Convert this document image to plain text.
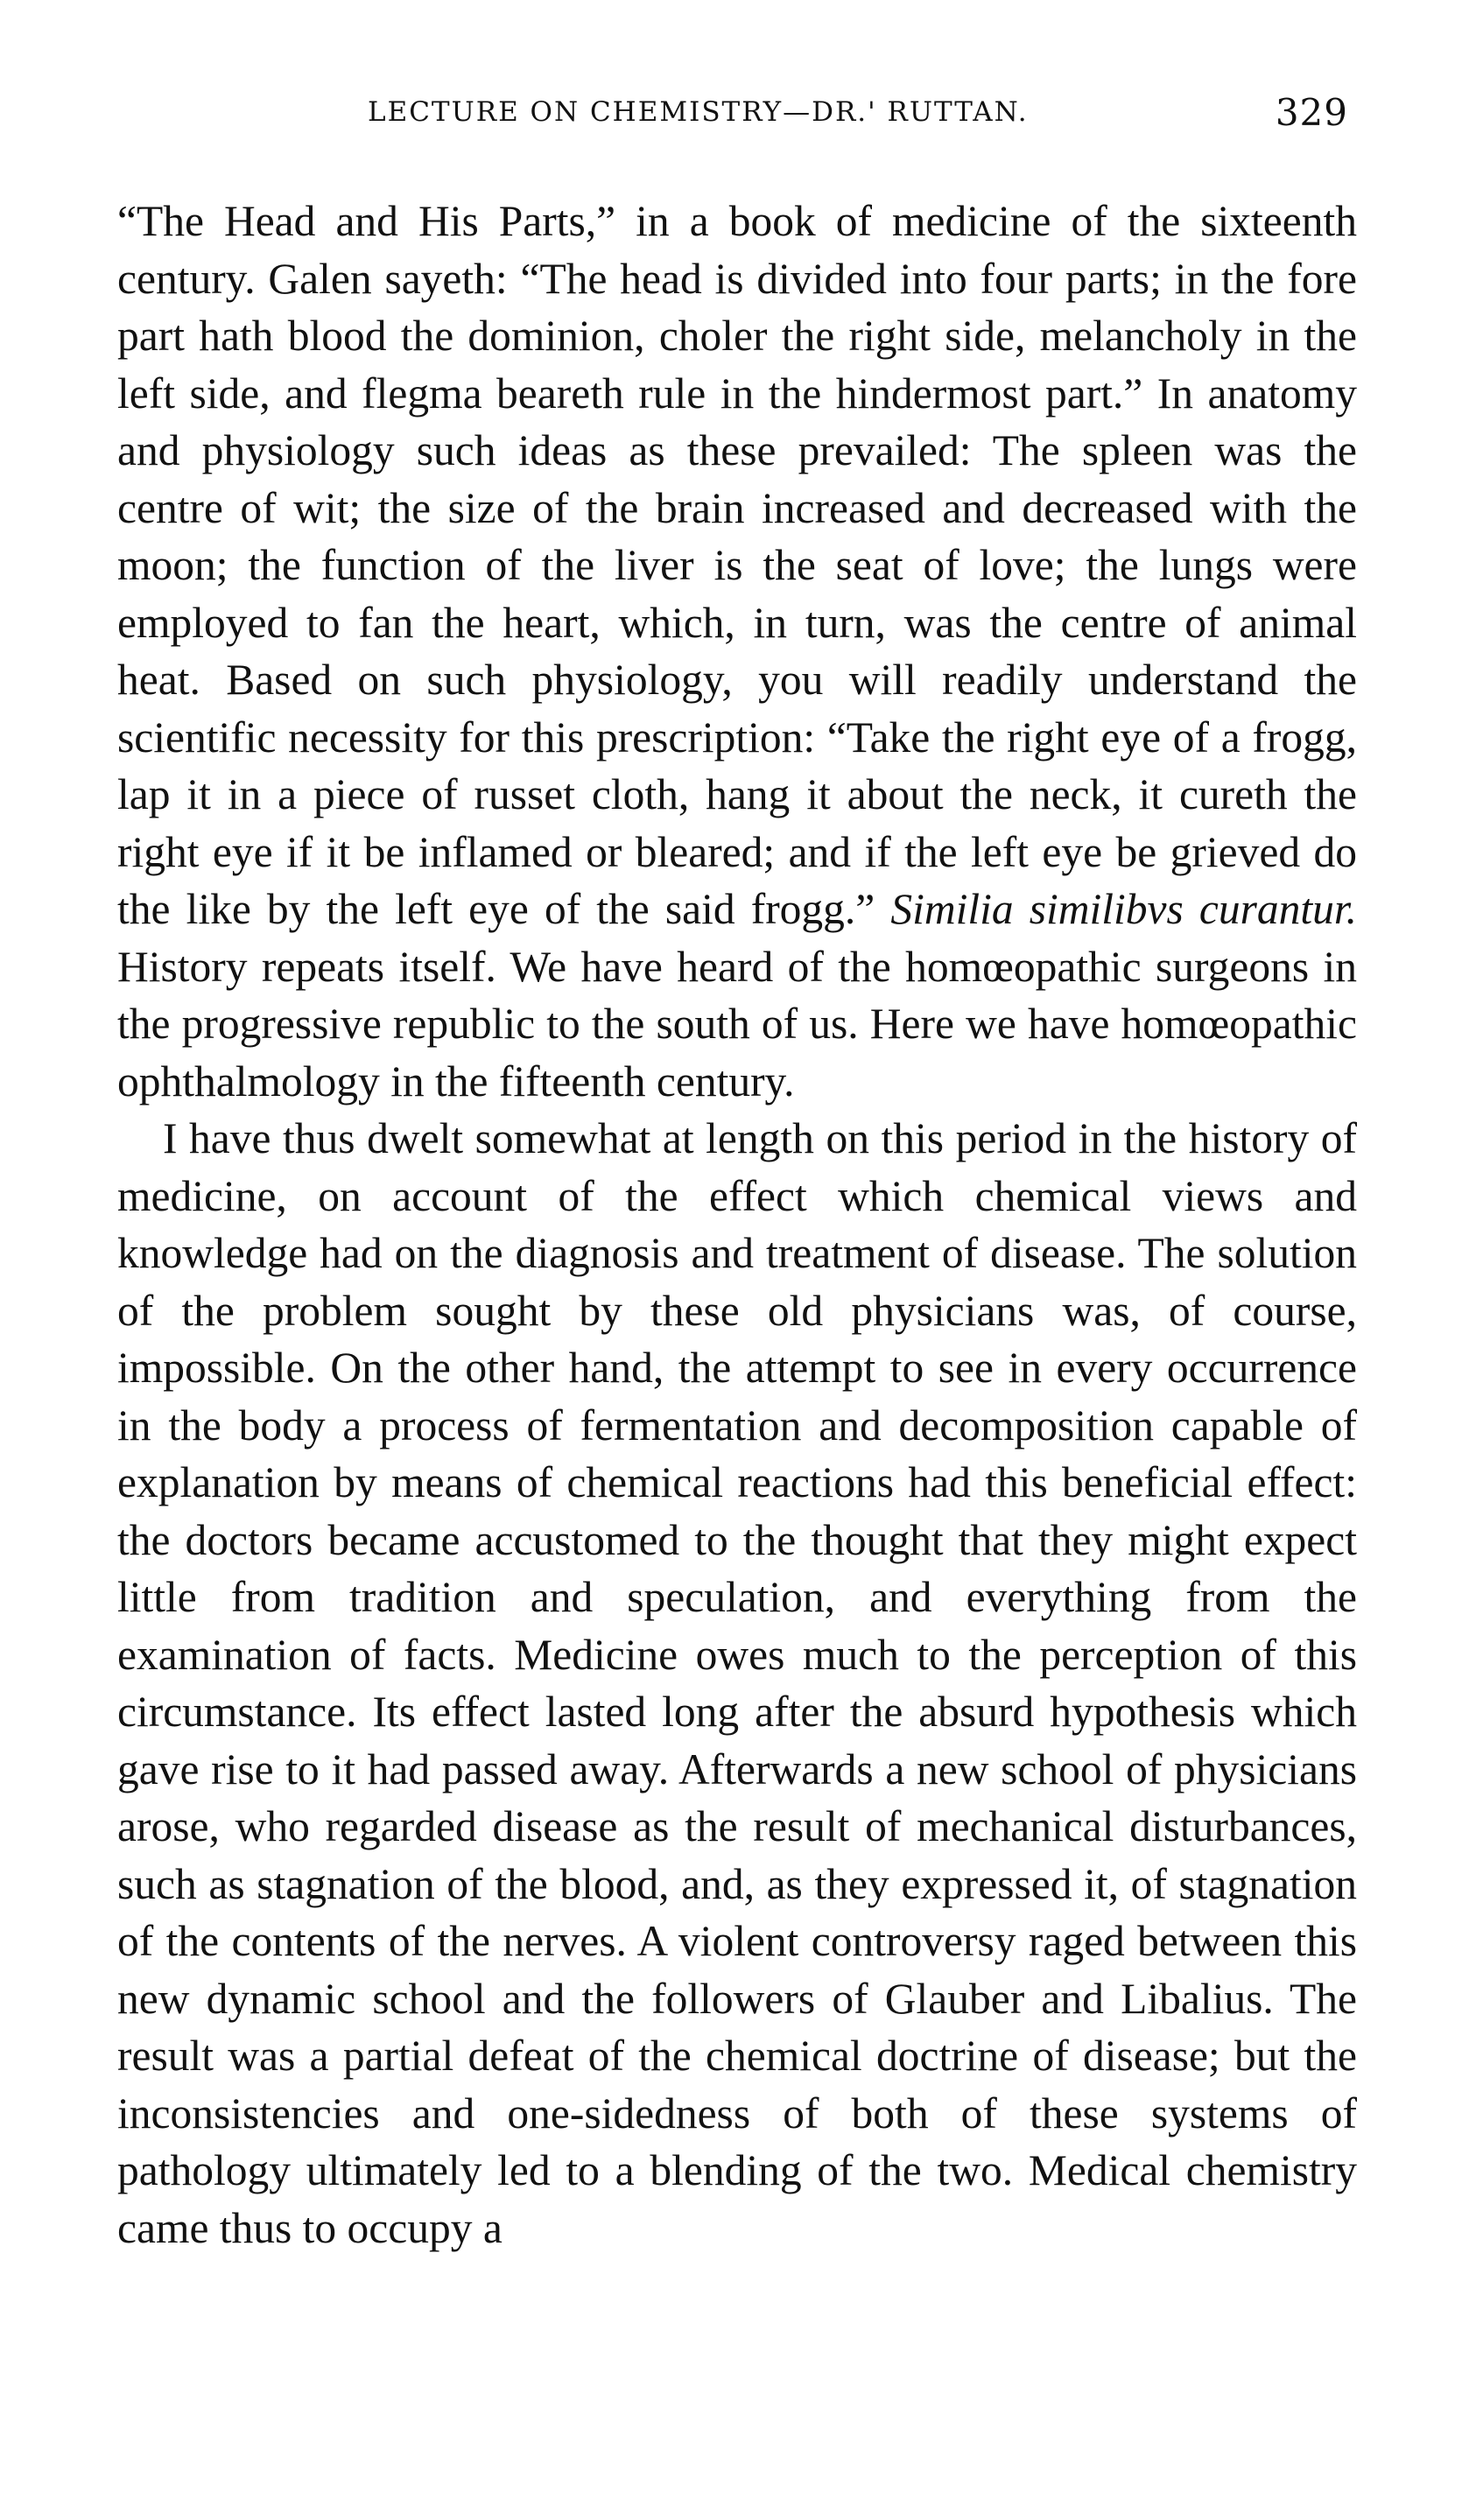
LECTURE ON CHEMISTRY—DR.' RUTTAN.	329

“The Head and His Parts,” in a book of medicine of the sixteenth century. Galen sayeth: “The head is divided into four parts; in the fore part hath blood the dominion, choler the right side, melancholy in the left side, and flegma beareth rule in the hindermost part.” In anatomy and physiology such ideas as these prevailed: The spleen was the centre of wit; the size of the brain increased and decreased with the moon; the function of the liver is the seat of love; the lungs were employed to fan the heart, which, in turn, was the centre of animal heat. Based on such physiology, you will readily understand the scientific necessity for this prescription: “Take the right eye of a frogg, lap it in a piece of russet cloth, hang it about the neck, it cureth the right eye if it be inflamed or bleared; and if the left eye be grieved do the like by the left eye of the said frogg.” Similia similibvs curantur. History repeats itself. We have heard of the homœopathic surgeons in the progressive republic to the south of us. Here we have homœopathic ophthalmology in the fifteenth century.

I have thus dwelt somewhat at length on this period in the history of medicine, on account of the effect which chemical views and knowledge had on the diagnosis and treatment of disease. The solution of the problem sought by these old physicians was, of course, impossible. On the other hand, the attempt to see in every occurrence in the body a process of fermentation and decomposition capable of explanation by means of chemical reactions had this beneficial effect: the doctors became accustomed to the thought that they might expect little from tradition and speculation, and everything from the examination of facts. Medicine owes much to the perception of this circumstance. Its effect lasted long after the absurd hypothesis which gave rise to it had passed away. Afterwards a new school of physicians arose, who regarded disease as the result of mechanical disturbances, such as stagnation of the blood, and, as they expressed it, of stagnation of the contents of the nerves. A violent controversy raged between this new dynamic school and the followers of Glauber and Libalius. The result was a partial defeat of the chemical doctrine of disease; but the inconsistencies and one-sidedness of both of these systems of pathology ultimately led to a blending of the two. Medical chemistry came thus to occupy a
